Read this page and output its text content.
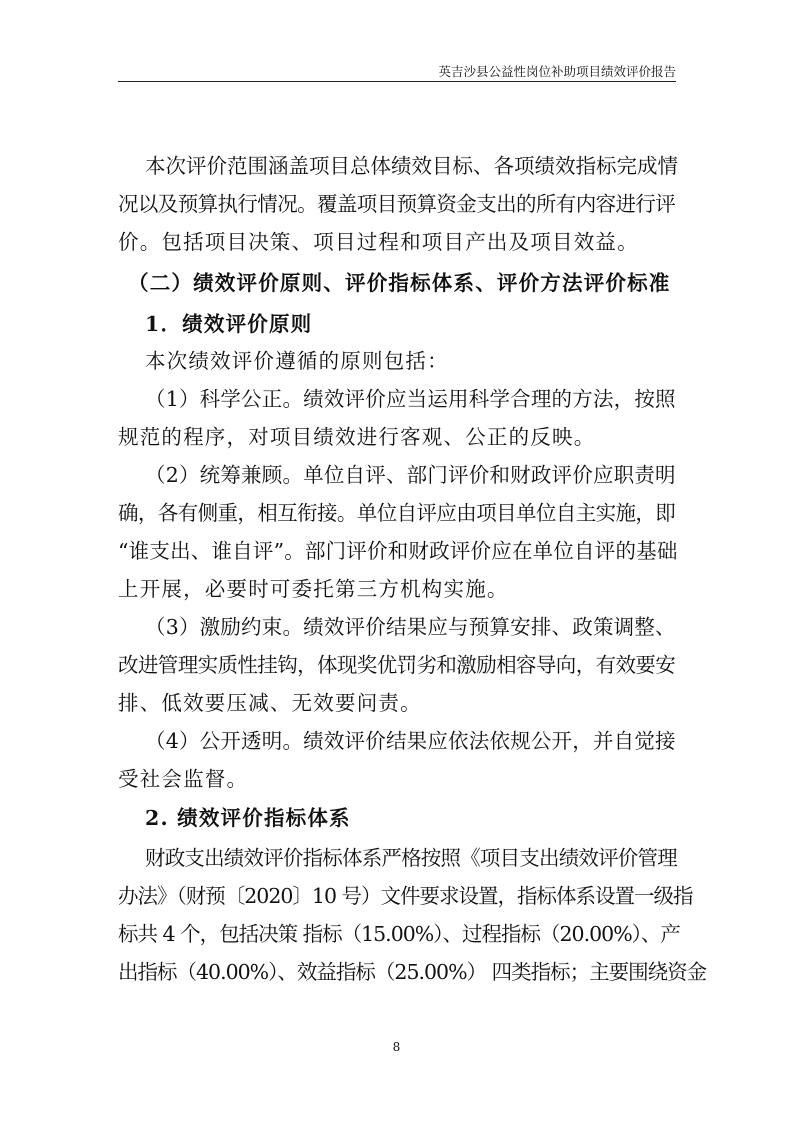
英吉沙县公益性岗位补助项目绩效评价报告
本次评价范围涵盖项目总体绩效目标、各项绩效指标完成情
况以及预算执行情况。覆盖项目预算资金支出的所有内容进行评
价。包括项目决策、项目过程和项目产出及项目效益。
（二）绩效评价原则、评价指标体系、评价方法评价标准
1．绩效评价原则
本次绩效评价遵循的原则包括：
（1）科学公正。绩效评价应当运用科学合理的方法，按照
规范的程序，对项目绩效进行客观、公正的反映。
（2）统筹兼顾。单位自评、部门评价和财政评价应职责明
确，各有侧重，相互衔接。单位自评应由项目单位自主实施，即
“谁支出、谁自评”。部门评价和财政评价应在单位自评的基础
上开展，必要时可委托第三方机构实施。
（3）激励约束。绩效评价结果应与预算安排、政策调整、
改进管理实质性挂钩，体现奖优罚劣和激励相容导向，有效要安
排、低效要压减、无效要问责。
（4）公开透明。绩效评价结果应依法依规公开，并自觉接
受社会监督。
2. 绩效评价指标体系
财政支出绩效评价指标体系严格按照《项目支出绩效评价管理
办法》（财预〔2020〕10 号）文件要求设置，指标体系设置一级指
标共 4 个，包括决策 指标（15.00%）、过程指标（20.00%）、产
出指标（40.00%）、效益指标（25.00%） 四类指标；主要围绕资金
8
